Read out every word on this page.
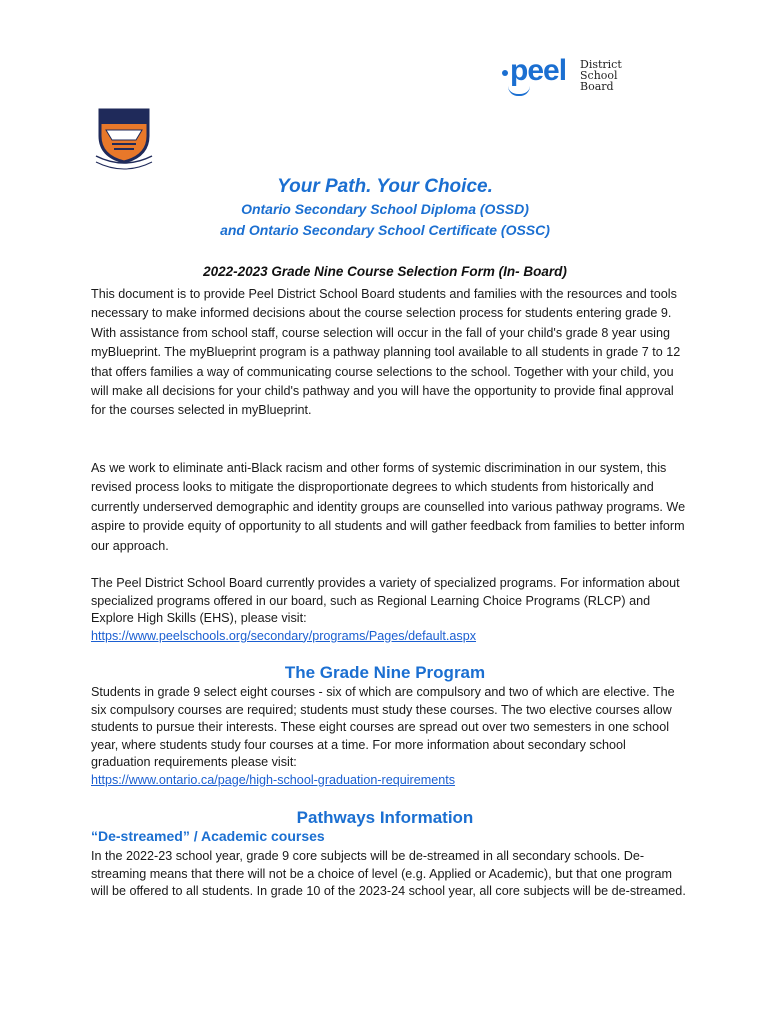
peel District
School Board
Your Path. Your Choice.
Ontario Secondary School Diploma (OSSD)
and Ontario Secondary School Certificate (OSSC)
2022-2023 Grade Nine Course Selection Form (In- Board)
This document is to provide Peel District School Board students and families with the resources and tools necessary to make informed decisions about the course selection process for students entering grade 9. With assistance from school staff, course selection will occur in the fall of your child's grade 8 year using myBlueprint. The myBlueprint program is a pathway planning tool available to all students in grade 7 to 12 that offers families a way of communicating course selections to the school. Together with your child, you will make all decisions for your child's pathway and you will have the opportunity to provide final approval for the courses selected in myBlueprint.
As we work to eliminate anti-Black racism and other forms of systemic discrimination in our system, this revised process looks to mitigate the disproportionate degrees to which students from historically and currently underserved demographic and identity groups are counselled into various pathway programs. We aspire to provide equity of opportunity to all students and will gather feedback from families to better inform our approach.
The Peel District School Board currently provides a variety of specialized programs. For information about specialized programs offered in our board, such as Regional Learning Choice Programs (RLCP) and Explore High Skills (EHS), please visit:
https://www.peelschools.org/secondary/programs/Pages/default.aspx
The Grade Nine Program
Students in grade 9 select eight courses - six of which are compulsory and two of which are elective. The six compulsory courses are required; students must study these courses. The two elective courses allow students to pursue their interests. These eight courses are spread out over two semesters in one school year, where students study four courses at a time. For more information about secondary school graduation requirements please visit:
https://www.ontario.ca/page/high-school-graduation-requirements
Pathways Information
“De-streamed” / Academic courses
In the 2022-23 school year, grade 9 core subjects will be de-streamed in all secondary schools. De-streaming means that there will not be a choice of level (e.g. Applied or Academic), but that one program will be offered to all students. In grade 10 of the 2023-24 school year, all core subjects will be de-streamed.
